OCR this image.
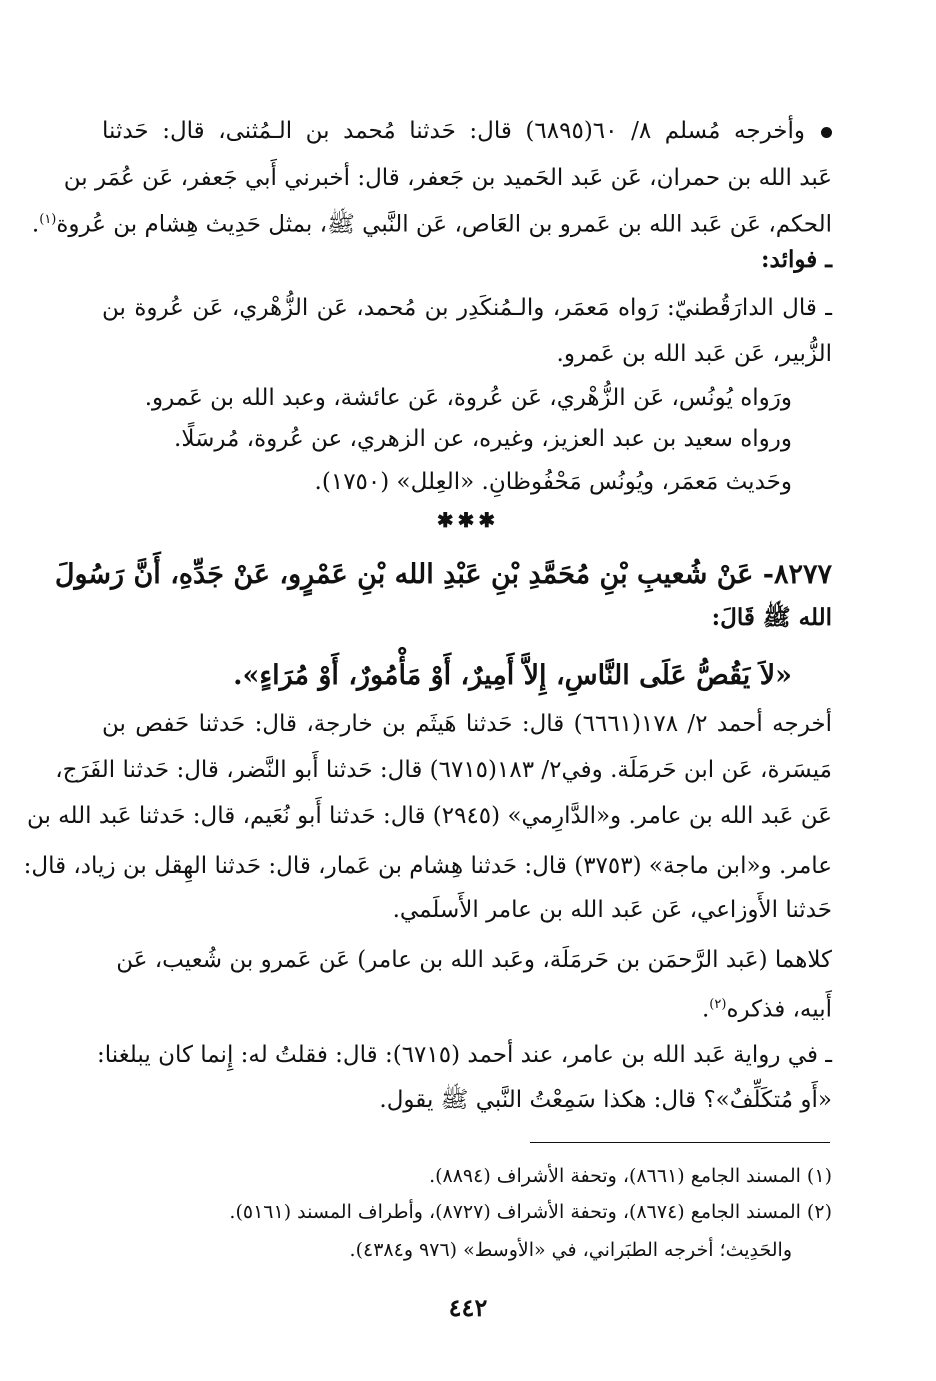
وأخرجه مُسلم ٨/ ٦٠(٦٨٩٥) قال: حَدثنا مُحمد بن الـمُثنى، قال: حَدثنا
عَبد الله بن حمران، عَن عَبد الحَميد بن جَعفر، قال: أخبرني أَبي جَعفر، عَن عُمَر بن
الحكم، عَن عَبد الله بن عَمرو بن العَاص، عَن النَّبي ﷺ، بمثل حَدِيث هِشام بن عُروة$^{(١)}$.
ـ فوائد:
ـ قال الدارَقُطنيّ: رَواه مَعمَر، والـمُنكَدِر بن مُحمد، عَن الزُّهْري، عَن عُروة بن
الزُّبير، عَن عَبد الله بن عَمرو.
ورَواه يُونُس، عَن الزُّهْري، عَن عُروة، عَن عائشة، وعبد الله بن عَمرو.
ورواه سعيد بن عبد العزيز، وغيره، عن الزهري، عن عُروة، مُرسَلًا.
وحَديث مَعمَر، ويُونُس مَحْفُوظانِ. «العِلل» (١٧٥٠).
✱✱✱
٨٢٧٧- عَنْ شُعيبِ بْنِ مُحَمَّدِ بْنِ عَبْدِ الله بْنِ عَمْرٍو، عَنْ جَدِّهِ، أَنَّ رَسُولَ
الله ﷺ قَالَ:
«لاَ يَقُصُّ عَلَى النَّاسِ، إِلاَّ أَمِيرٌ، أَوْ مَأْمُورٌ، أَوْ مُرَاءٍ».
أخرجه أحمد ٢/ ١٧٨(٦٦٦١) قال: حَدثنا هَيثَم بن خارجة، قال: حَدثنا حَفص بن
مَيسَرة، عَن ابن حَرمَلَة. وفي٢/ ١٨٣(٦٧١٥) قال: حَدثنا أَبو النَّضر، قال: حَدثنا الفَرَج،
عَن عَبد الله بن عامر. و«الدَّارِمي» (٢٩٤٥) قال: حَدثنا أَبو نُعَيم، قال: حَدثنا عَبد الله بن
عامر. و«ابن ماجة» (٣٧٥٣) قال: حَدثنا هِشام بن عَمار، قال: حَدثنا الهِقل بن زياد، قال:
حَدثنا الأَوزاعي، عَن عَبد الله بن عامر الأَسلَمي.
كلاهما (عَبد الرَّحمَن بن حَرمَلَة، وعَبد الله بن عامر) عَن عَمرو بن شُعيب، عَن
أَبيه، فذكره$^{(٢)}$.
ـ في رواية عَبد الله بن عامر، عند أحمد (٦٧١٥): قال: فقلتُ له: إِنما كان يبلغنا:
«أَو مُتكَلِّفٌ»؟ قال: هكذا سَمِعْتُ النَّبي ﷺ يقول.
(١) المسند الجامع (٨٦٦١)، وتحفة الأشراف (٨٨٩٤).
(٢) المسند الجامع (٨٦٧٤)، وتحفة الأشراف (٨٧٢٧)، وأطراف المسند (٥١٦١).
والحَدِيث؛ أخرجه الطبَراني، في «الأوسط» (٩٧٦ و٤٣٨٤).
٤٤٢
